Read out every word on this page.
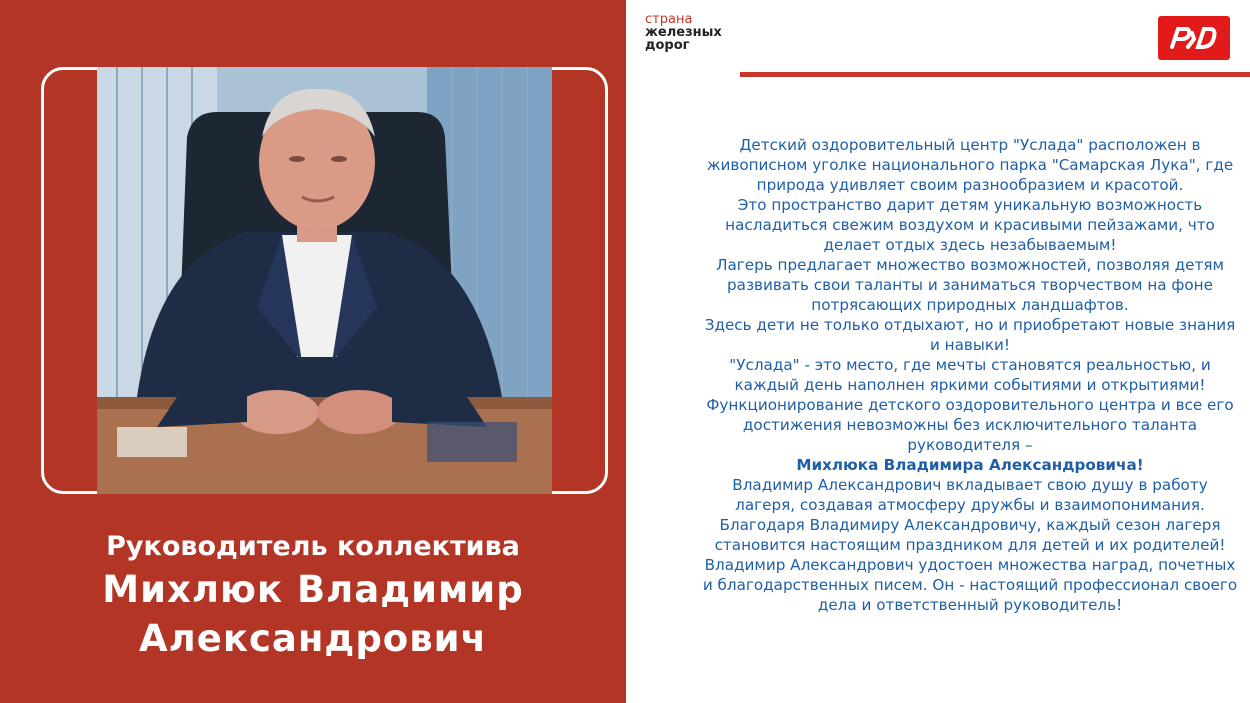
Руководитель коллектива
Михлюк Владимир
Александрович
страна
железных
дорог

Детский оздоровительный центр "Услада" расположен в живописном уголке национального парка "Самарская Лука", где природа удивляет своим разнообразием и красотой.

Это пространство дарит детям уникальную возможность насладиться свежим воздухом и красивыми пейзажами, что делает отдых здесь незабываемым!

Лагерь предлагает множество возможностей, позволяя детям развивать свои таланты и заниматься творчеством на фоне потрясающих природных ландшафтов.

Здесь дети не только отдыхают, но и приобретают новые знания и навыки!

"Услада" - это место, где мечты становятся реальностью, и каждый день наполнен яркими событиями и открытиями!

Функционирование детского оздоровительного центра и все его достижения невозможны без исключительного таланта руководителя –

Михлюка Владимира Александровича!

Владимир Александрович вкладывает свою душу в работу лагеря, создавая атмосферу дружбы и взаимопонимания.

Благодаря Владимиру Александровичу, каждый сезон лагеря становится настоящим праздником для детей и их родителей!

Владимир Александрович удостоен множества наград, почетных и благодарственных писем. Он - настоящий профессионал своего дела и ответственный руководитель!
